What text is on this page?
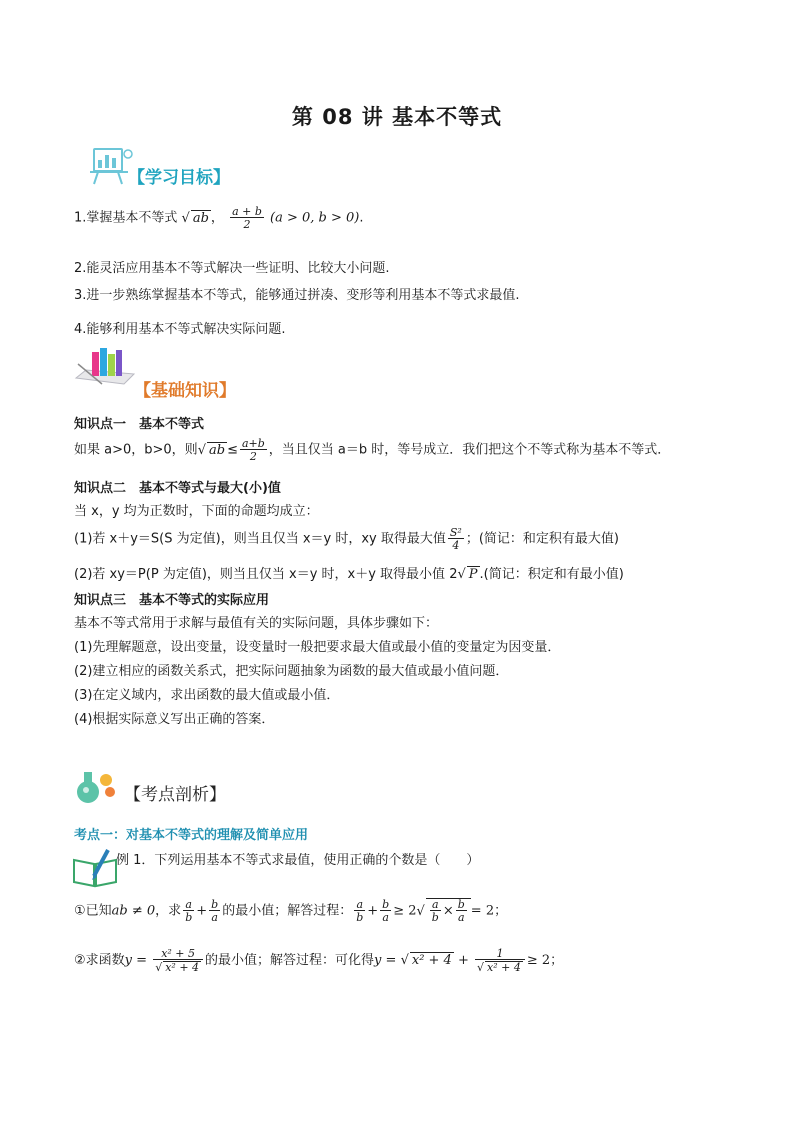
第 08 讲 基本不等式
【学习目标】
1.掌握基本不等式 √ ab ， $\frac{a + b}{2} (a > 0$, b > 0).
2.能灵活应用基本不等式解决一些证明、比较大小问题.
3.进一步熟练掌握基本不等式，能够通过拼凑、变形等利用基本不等式求最值.
4.能够利用基本不等式解决实际问题.
【基础知识】
知识点一　基本不等式
如果 a>0，b>0，则√ ab ≤ $\frac{a+b}{2}$ ，当且仅当 a＝b 时，等号成立．我们把这个不等式称为基本不等式．
知识点二　基本不等式与最大(小)值
当 x，y 均为正数时，下面的命题均成立：
(1)若 x＋y＝S(S 为定值)，则当且仅当 x＝y 时，xy 取得最大值 $\frac{\text{S²}}{4}$ ；(简记：和定积有最大值)
(2)若 xy＝P(P 为定值)，则当且仅当 x＝y 时，x＋y 取得最小值 2√ P .(简记：积定和有最小值)
知识点三　基本不等式的实际应用
基本不等式常用于求解与最值有关的实际问题，具体步骤如下：
(1)先理解题意，设出变量，设变量时一般把要求最大值或最小值的变量定为因变量．
(2)建立相应的函数关系式，把实际问题抽象为函数的最大值或最小值问题．
(3)在定义域内，求出函数的最大值或最小值．
(4)根据实际意义写出正确的答案．
【考点剖析】
考点一：对基本不等式的理解及简单应用
例 1．下列运用基本不等式求最值，使用正确的个数是（　　）
①已知ab ≠ 0，求 $\frac{a}{b} + \frac{b}{a}$ 的最小值；解答过程： $\frac{a}{b} + \frac{b}{a} \ge 2√ \frac{a}{b} \times \frac{b}{a} = 2$；
②求函数$y = \frac{\text{x² + 5}}{\text{√ x² + 4}}$ 的最小值；解答过程：可化得y = √ $x^2 + 4 + \frac{1}{\text{√ x² + 4}} \ge 2$；
